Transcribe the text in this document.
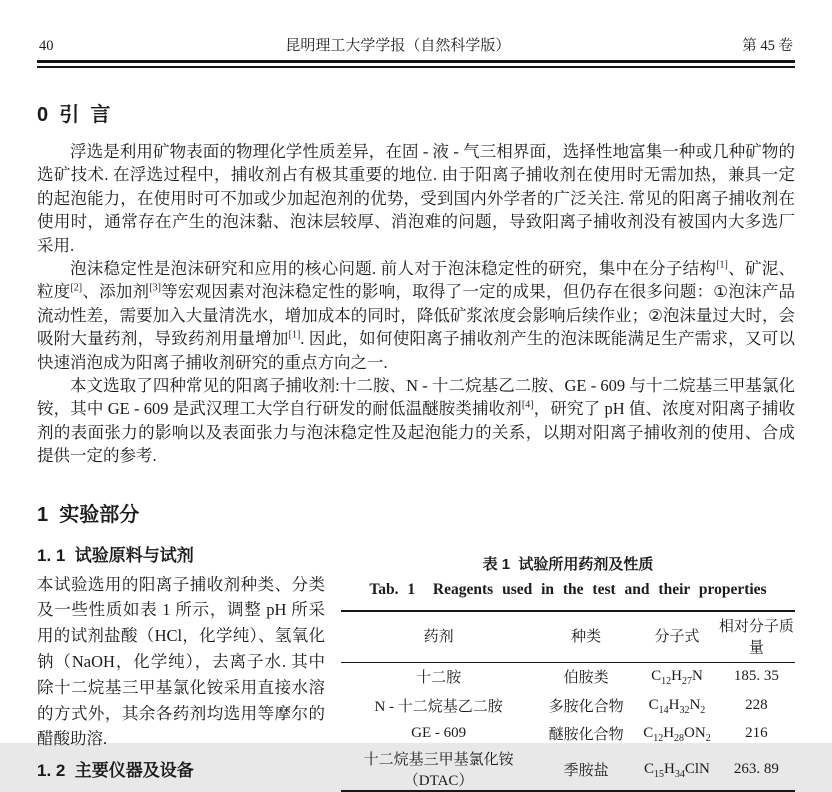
40	昆明理工大学学报（自然科学版）	第 45 卷
0  引  言

浮选是利用矿物表面的物理化学性质差异，在固 - 液 - 气三相界面，选择性地富集一种或几种矿物的选矿技术. 在浮选过程中，捕收剂占有极其重要的地位. 由于阳离子捕收剂在使用时无需加热，兼具一定的起泡能力，在使用时可不加或少加起泡剂的优势，受到国内外学者的广泛关注. 常见的阳离子捕收剂在使用时，通常存在产生的泡沫黏、泡沫层较厚、消泡难的问题，导致阳离子捕收剂没有被国内大多选厂采用.

泡沫稳定性是泡沫研究和应用的核心问题. 前人对于泡沫稳定性的研究，集中在分子结构[1]、矿泥、粒度[2]、添加剂[3]等宏观因素对泡沫稳定性的影响，取得了一定的成果，但仍存在很多问题：①泡沫产品流动性差，需要加入大量清洗水，增加成本的同时，降低矿浆浓度会影响后续作业；②泡沫量过大时，会吸附大量药剂，导致药剂用量增加[1]. 因此，如何使阳离子捕收剂产生的泡沫既能满足生产需求，又可以快速消泡成为阳离子捕收剂研究的重点方向之一.

本文选取了四种常见的阳离子捕收剂:十二胺、N - 十二烷基乙二胺、GE - 609 与十二烷基三甲基氯化铵，其中 GE - 609 是武汉理工大学自行研发的耐低温醚胺类捕收剂[4]，研究了 pH 值、浓度对阳离子捕收剂的表面张力的影响以及表面张力与泡沫稳定性及起泡能力的关系，以期对阳离子捕收剂的使用、合成提供一定的参考.

1  实验部分
1. 1  试验原料与试剂

本试验选用的阳离子捕收剂种类、分类及一些性质如表 1 所示，调整 pH 所采用的试剂盐酸（HCl，化学纯）、氢氧化钠（NaOH，化学纯），去离子水. 其中除十二烷基三甲基氯化铵采用直接水溶的方式外，其余各药剂均选用等摩尔的醋酸助溶.

1. 2  主要仪器及设备
表 1  试验所用药剂及性质
Tab. 1  Reagents used in the test and their properties
药剂	种类	分子式	相对分子质量
十二胺	伯胺类	$C_{12}H_{27}N$	185. 35
N - 十二烷基乙二胺	多胺化合物	$C_{14}H_{32}N_2$	228
GE - 609	醚胺化合物	$C_{12}H_{28}ON_2$	216
十二烷基三甲基氯化铵（DTAC）	季胺盐	$C_{15}H_{34}ClN$	263. 89
